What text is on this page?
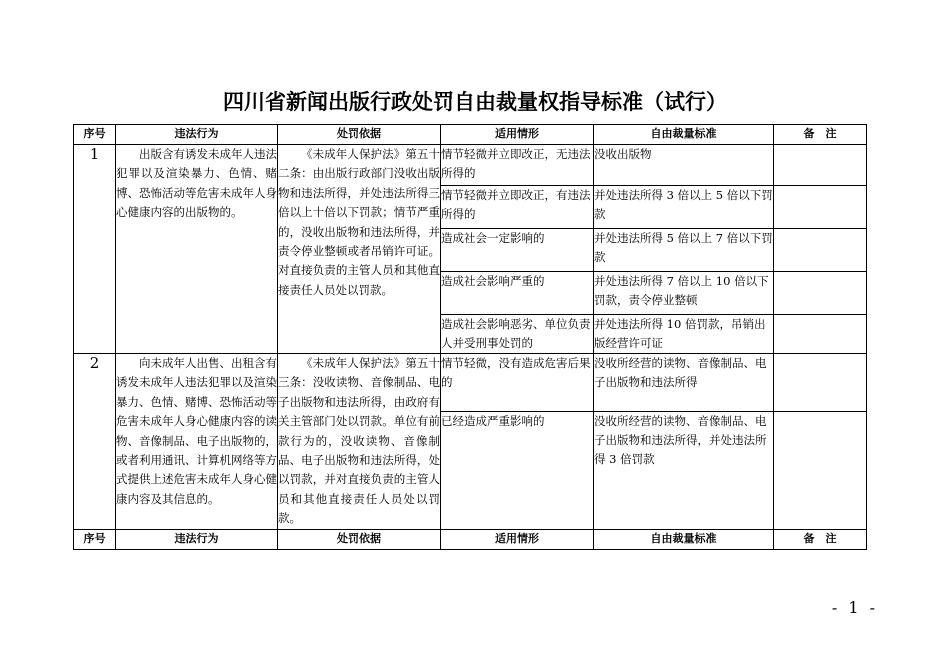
四川省新闻出版行政处罚自由裁量权指导标准（试行）
序号	违法行为	处罚依据	适用情形	自由裁量标准	备　注
1	出版含有诱发未成年人违法犯罪以及渲染暴力、色情、赌博、恐怖活动等危害未成年人身心健康内容的出版物的。	《未成年人保护法》第五十二条：由出版行政部门没收出版物和违法所得，并处违法所得三倍以上十倍以下罚款；情节严重的，没收出版物和违法所得，并责令停业整顿或者吊销许可证。对直接负责的主管人员和其他直接责任人员处以罚款。	情节轻微并立即改正，无违法所得的	没收出版物	
			情节轻微并立即改正，有违法所得的	并处违法所得 3 倍以上 5 倍以下罚款	
			造成社会一定影响的	并处违法所得 5 倍以上 7 倍以下罚款	
			造成社会影响严重的	并处违法所得 7 倍以上 10 倍以下罚款，责令停业整顿	
			造成社会影响恶劣、单位负责人并受刑事处罚的	并处违法所得 10 倍罚款，吊销出版经营许可证	
2	向未成年人出售、出租含有诱发未成年人违法犯罪以及渲染暴力、色情、赌博、恐怖活动等危害未成年人身心健康内容的读物、音像制品、电子出版物的，或者利用通讯、计算机网络等方式提供上述危害未成年人身心健康内容及其信息的。	《未成年人保护法》第五十三条：没收读物、音像制品、电子出版物和违法所得，由政府有关主管部门处以罚款。单位有前款行为的，没收读物、音像制品、电子出版物和违法所得，处以罚款，并对直接负责的主管人员和其他直接责任人员处以罚款。	情节轻微，没有造成危害后果的	没收所经营的读物、音像制品、电子出版物和违法所得	
			已经造成严重影响的	没收所经营的读物、音像制品、电子出版物和违法所得，并处违法所得 3 倍罚款	
序号	违法行为	处罚依据	适用情形	自由裁量标准	备　注
- 1 -
